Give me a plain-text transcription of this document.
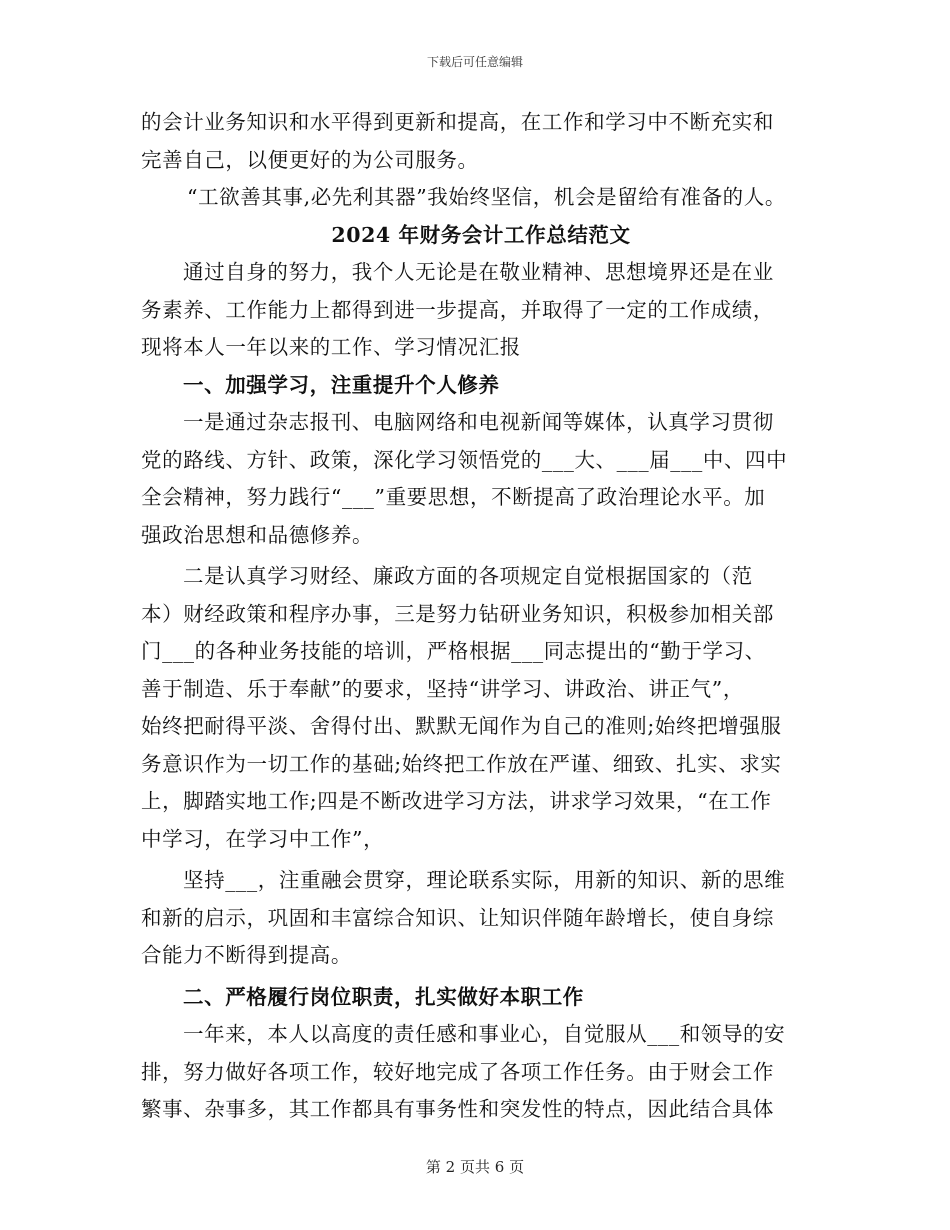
下载后可任意编辑
的会计业务知识和水平得到更新和提高，在工作和学习中不断充实和
完善自己，以便更好的为公司服务。
“工欲善其事,必先利其器”我始终坚信，机会是留给有准备的人。
2024 年财务会计工作总结范文
通过自身的努力，我个人无论是在敬业精神、思想境界还是在业
务素养、工作能力上都得到进一步提高，并取得了一定的工作成绩，
现将本人一年以来的工作、学习情况汇报
一、加强学习，注重提升个人修养
一是通过杂志报刊、电脑网络和电视新闻等媒体，认真学习贯彻
党的路线、方针、政策，深化学习领悟党的___大、___届___中、四中
全会精神，努力践行“___”重要思想，不断提高了政治理论水平。加
强政治思想和品德修养。
二是认真学习财经、廉政方面的各项规定自觉根据国家的（范
本）财经政策和程序办事，三是努力钻研业务知识，积极参加相关部
门___的各种业务技能的培训，严格根据___同志提出的“勤于学习、
善于制造、乐于奉献”的要求，坚持“讲学习、讲政治、讲正气”，
始终把耐得平淡、舍得付出、默默无闻作为自己的准则;始终把增强服
务意识作为一切工作的基础;始终把工作放在严谨、细致、扎实、求实
上，脚踏实地工作;四是不断改进学习方法，讲求学习效果，“在工作
中学习，在学习中工作”，
坚持___，注重融会贯穿，理论联系实际，用新的知识、新的思维
和新的启示，巩固和丰富综合知识、让知识伴随年龄增长，使自身综
合能力不断得到提高。
二、严格履行岗位职责，扎实做好本职工作
一年来，本人以高度的责任感和事业心，自觉服从___和领导的安
排，努力做好各项工作，较好地完成了各项工作任务。由于财会工作
繁事、杂事多，其工作都具有事务性和突发性的特点，因此结合具体
第 2 页共 6 页
